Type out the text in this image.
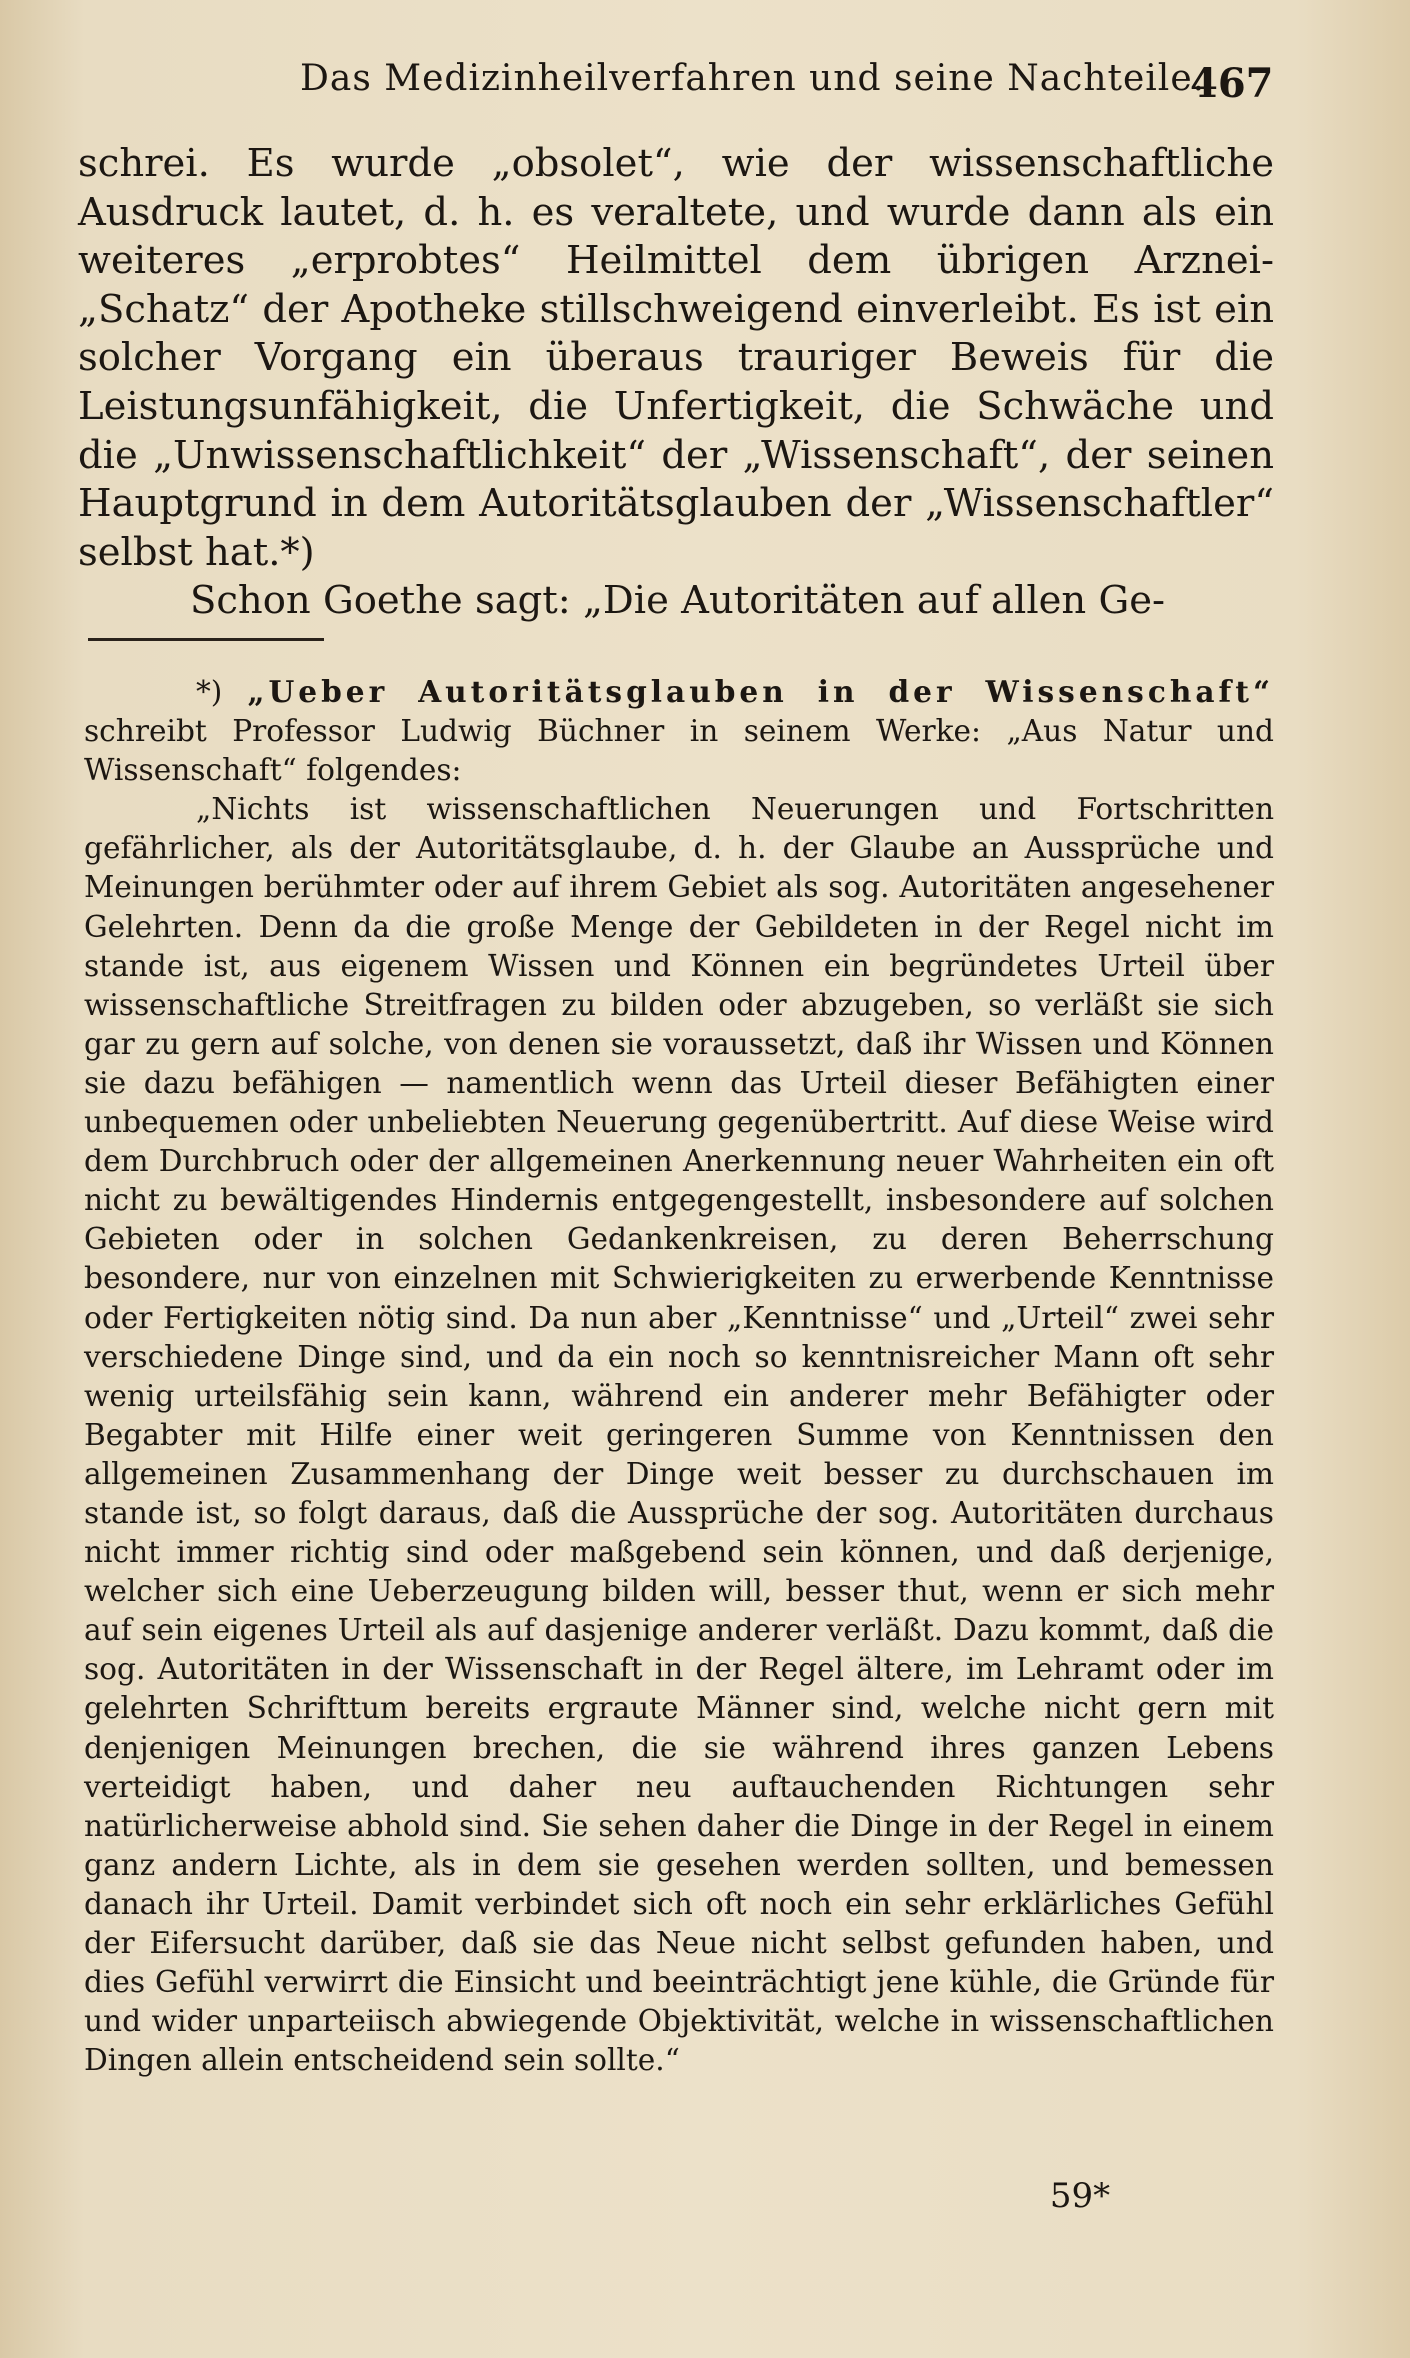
Das Medizinheilverfahren und seine Nachteile.
467

schrei. Es wurde „obsolet“, wie der wissenschaftliche Ausdruck lautet, d. h. es veraltete, und wurde dann als ein weiteres „erprobtes“ Heilmittel dem übrigen Arznei-„Schatz“ der Apotheke stillschweigend einverleibt. Es ist ein solcher Vorgang ein überaus trauriger Beweis für die Leistungsunfähigkeit, die Unfertigkeit, die Schwäche und die „Unwissenschaftlichkeit“ der „Wissenschaft“, der seinen Hauptgrund in dem Autoritätsglauben der „Wissenschaftler“ selbst hat.*)

Schon Goethe sagt: „Die Autoritäten auf allen Ge-

*) „Ueber Autoritätsglauben in der Wissenschaft“ schreibt Professor Ludwig Büchner in seinem Werke: „Aus Natur und Wissenschaft“ folgendes:

„Nichts ist wissenschaftlichen Neuerungen und Fortschritten gefährlicher, als der Autoritätsglaube, d. h. der Glaube an Aussprüche und Meinungen berühmter oder auf ihrem Gebiet als sog. Autoritäten angesehener Gelehrten. Denn da die große Menge der Gebildeten in der Regel nicht im stande ist, aus eigenem Wissen und Können ein begründetes Urteil über wissenschaftliche Streitfragen zu bilden oder abzugeben, so verläßt sie sich gar zu gern auf solche, von denen sie voraussetzt, daß ihr Wissen und Können sie dazu befähigen — namentlich wenn das Urteil dieser Befähigten einer unbequemen oder unbeliebten Neuerung gegenübertritt. Auf diese Weise wird dem Durchbruch oder der allgemeinen Anerkennung neuer Wahrheiten ein oft nicht zu bewältigendes Hindernis entgegengestellt, insbesondere auf solchen Gebieten oder in solchen Gedankenkreisen, zu deren Beherrschung besondere, nur von einzelnen mit Schwierigkeiten zu erwerbende Kenntnisse oder Fertigkeiten nötig sind. Da nun aber „Kenntnisse“ und „Urteil“ zwei sehr verschiedene Dinge sind, und da ein noch so kenntnisreicher Mann oft sehr wenig urteilsfähig sein kann, während ein anderer mehr Befähigter oder Begabter mit Hilfe einer weit geringeren Summe von Kenntnissen den allgemeinen Zusammenhang der Dinge weit besser zu durchschauen im stande ist, so folgt daraus, daß die Aussprüche der sog. Autoritäten durchaus nicht immer richtig sind oder maßgebend sein können, und daß derjenige, welcher sich eine Ueberzeugung bilden will, besser thut, wenn er sich mehr auf sein eigenes Urteil als auf dasjenige anderer verläßt. Dazu kommt, daß die sog. Autoritäten in der Wissenschaft in der Regel ältere, im Lehramt oder im gelehrten Schrifttum bereits ergraute Männer sind, welche nicht gern mit denjenigen Meinungen brechen, die sie während ihres ganzen Lebens verteidigt haben, und daher neu auftauchenden Richtungen sehr natürlicherweise abhold sind. Sie sehen daher die Dinge in der Regel in einem ganz andern Lichte, als in dem sie gesehen werden sollten, und bemessen danach ihr Urteil. Damit verbindet sich oft noch ein sehr erklärliches Gefühl der Eifersucht darüber, daß sie das Neue nicht selbst gefunden haben, und dies Gefühl verwirrt die Einsicht und beeinträchtigt jene kühle, die Gründe für und wider unparteiisch abwiegende Objektivität, welche in wissenschaftlichen Dingen allein entscheidend sein sollte.“

59*
